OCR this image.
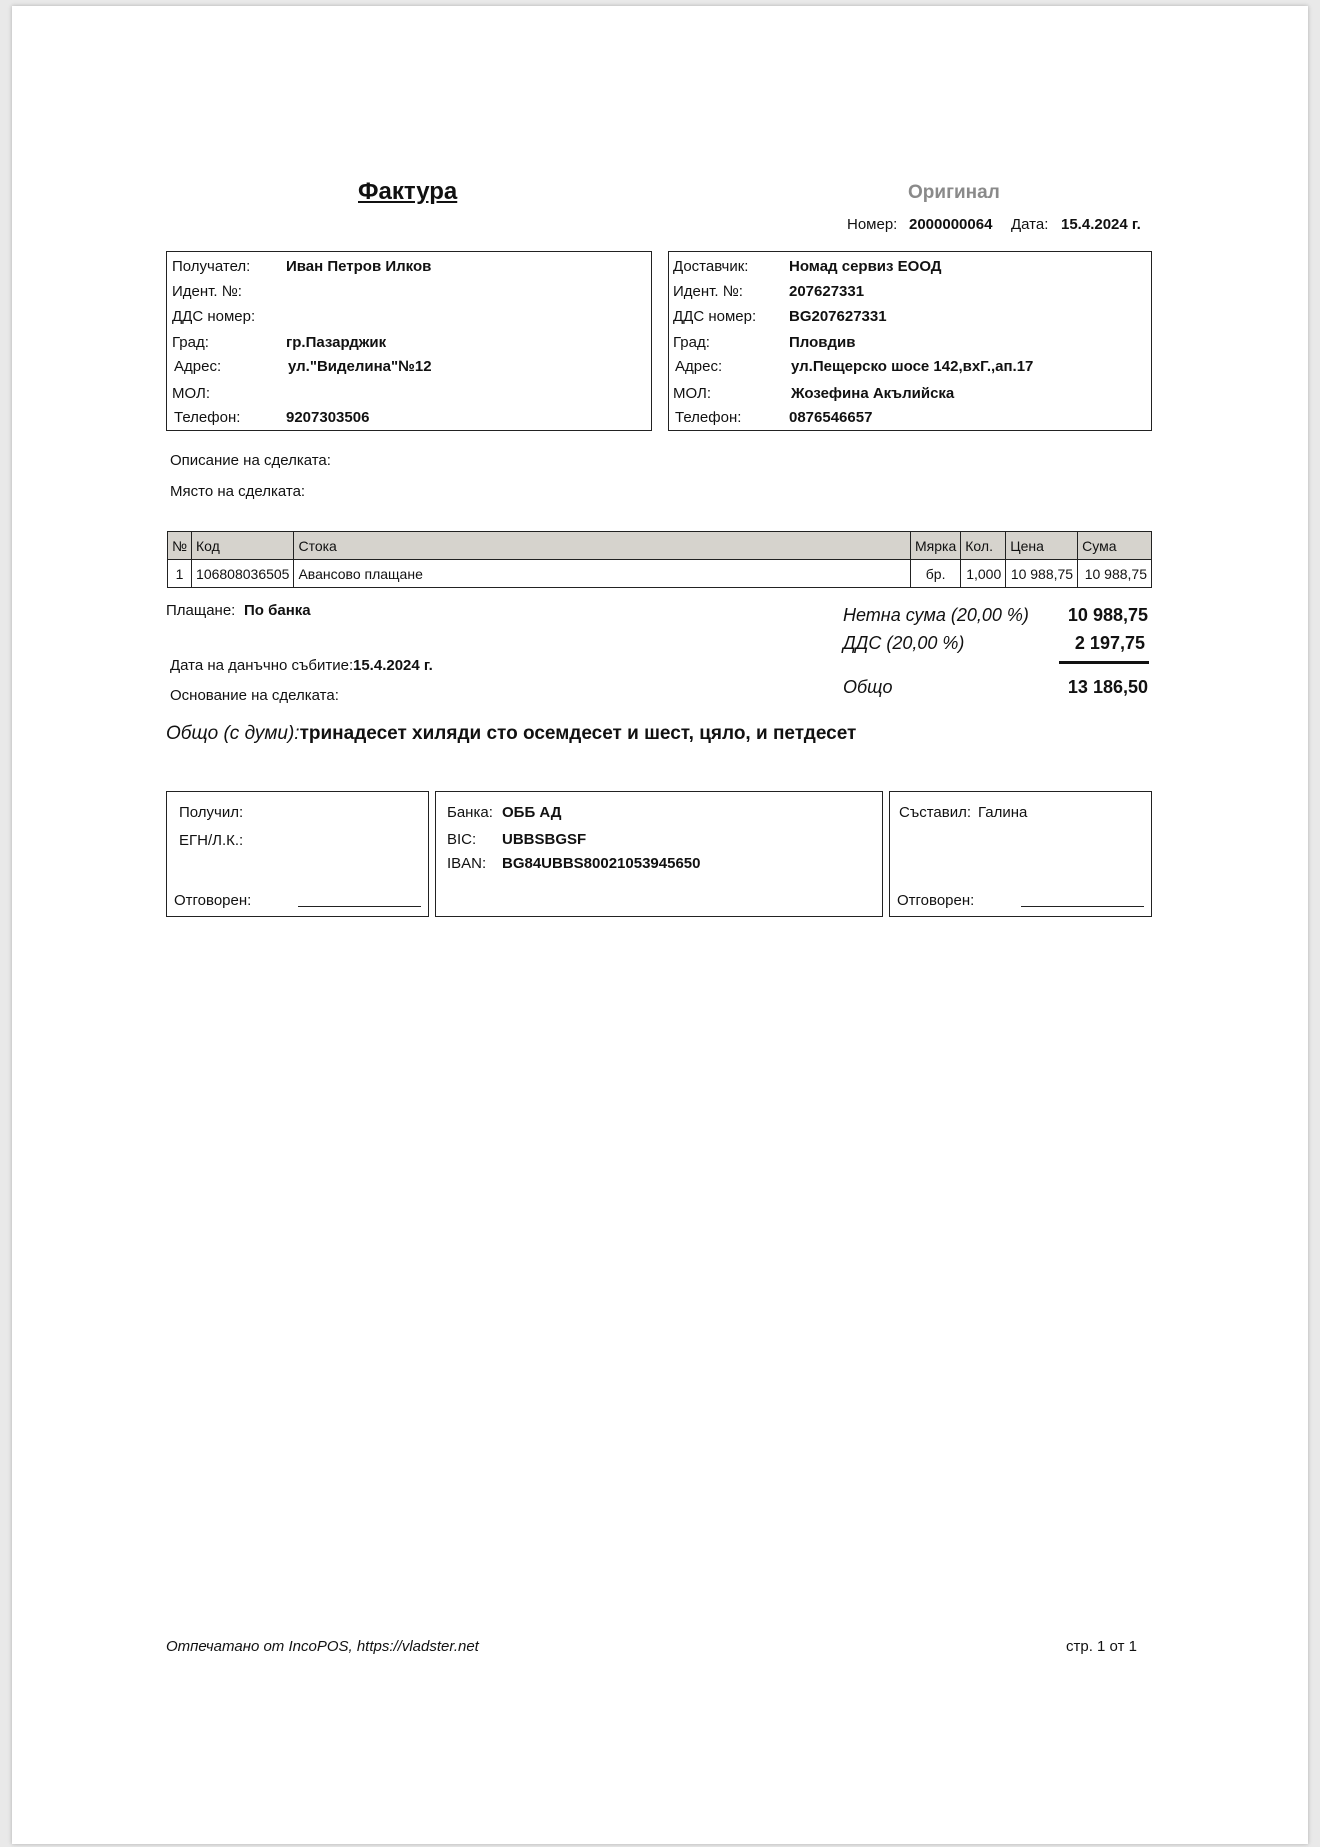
Фактура	Оригинал
Номер: 2000000064 Дата: 15.4.2024 г.
Получател: Иван Петров Илков
Идент. №:
ДДС номер:
Град:	гр.Пазарджик
Адрес:	ул."Виделина"№12
МОЛ:
Телефон:	9207303506
Доставчик:	Номад сервиз ЕООД
Идент. №:	207627331
ДДС номер: BG207627331
Град:	Пловдив
Адрес:	ул.Пещерско шосе 142,вхГ.,ап.17
МОЛ:	Жозефина Акълийска
Телефон:	0876546657
Описание на сделката:
Място на сделката:
№	Код	Стока	Мярка	Кол.	Цена	Сума
1	106808036505	Авансово плащане	бр.	1,000	10 988,75	10 988,75
Плащане: По банка
Дата на данъчно събитие: 15.4.2024 г.
Основание на сделката:
Нетна сума (20,00 %)	10 988,75
ДДС (20,00 %)	2 197,75
Общо	13 186,50
Общо (с думи):тринадесет хиляди сто осемдесет и шест, цяло, и петдесет
Получил:
ЕГН/Л.К.:
Отговорен:
Банка: ОББ АД
BIC: UBBSBGSF
IBAN: BG84UBBS80021053945650
Съставил: Галина
Отговорен:
Отпечатано от IncoPOS, https://vladster.net	стр. 1 от 1
